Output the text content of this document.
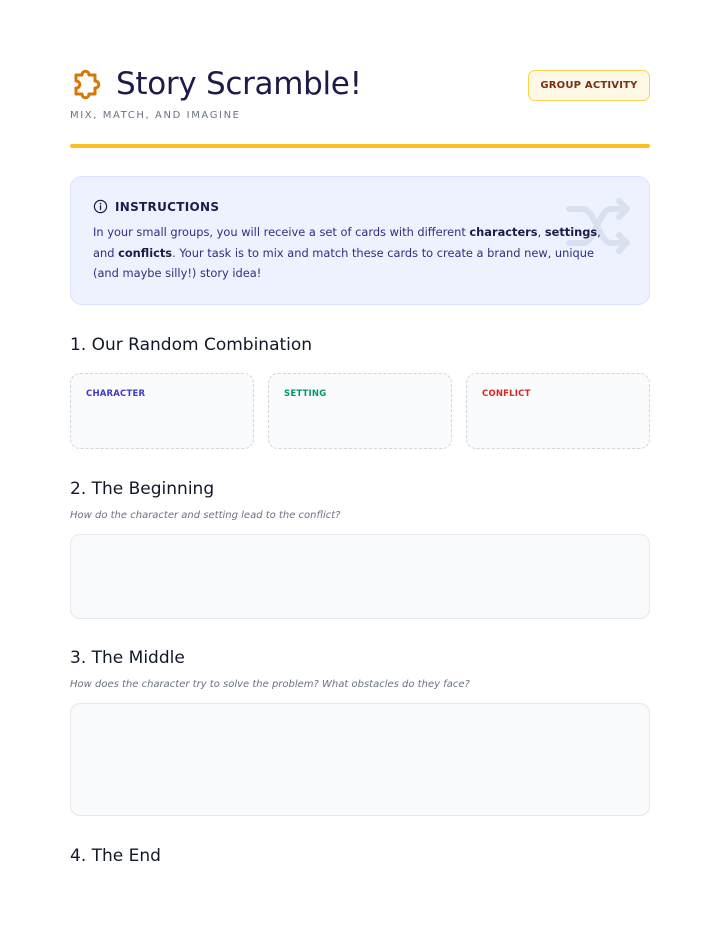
Story Scramble!
MIX, MATCH, AND IMAGINE
GROUP ACTIVITY
INSTRUCTIONS

In your small groups, you will receive a set of cards with different characters, settings, and conflicts. Your task is to mix and match these cards to create a brand new, unique (and maybe silly!) story idea!

1. Our Random Combination
CHARACTER	SETTING	CONFLICT
2. The Beginning
How do the character and setting lead to the conflict?
3. The Middle
How does the character try to solve the problem? What obstacles do they face?
4. The End
